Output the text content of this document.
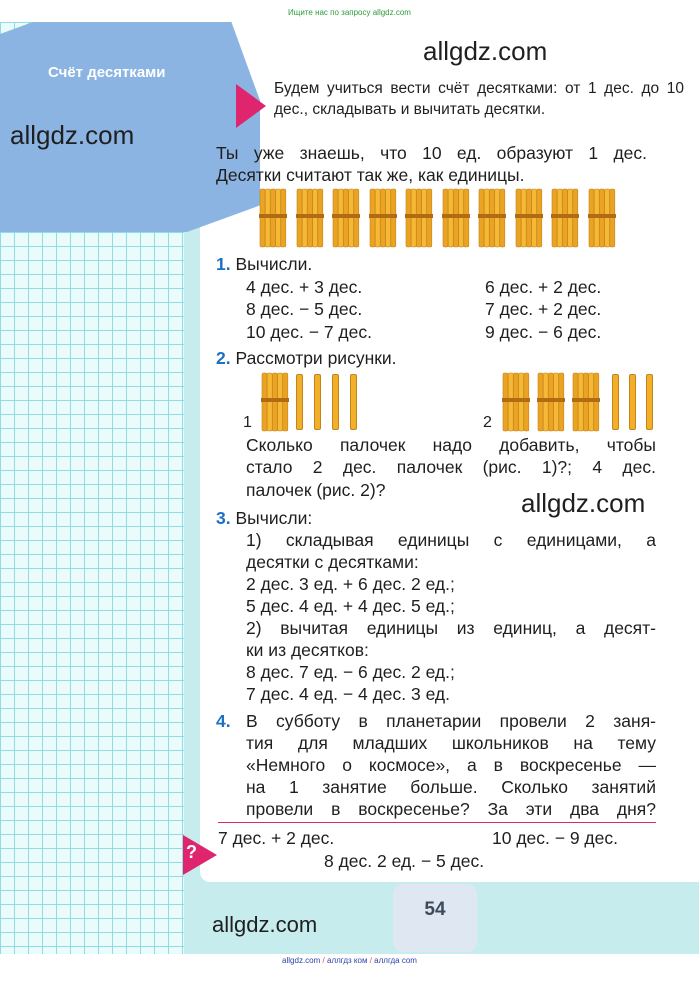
Ищите нас по запросу allgdz.com
Счёт десятками
allgdz.com
allgdz.com
allgdz.com
allgdz.com
Будем учиться вести счёт десятками: от 1 дес. до 10 дес., складывать и вычитать десятки.
Ты уже знаешь, что 10 ед. образуют 1 дес.
Десятки считают так же, как единицы.
1. Вычисли.
4 дес. + 3 дес.
8 дес. − 5 дес.
10 дес. − 7 дес.
6 дес. + 2 дес.
7 дес. + 2 дес.
9 дес. − 6 дес.
2. Рассмотри рисунки.
1	2
Сколько палочек надо добавить, чтобы
стало 2 дес. палочек (рис. 1)?; 4 дес.
палочек (рис. 2)?
3. Вычисли:
1) складывая единицы с единицами, а
десятки с десятками:
2 дес. 3 ед. + 6 дес. 2 ед.;
5 дес. 4 ед. + 4 дес. 5 ед.;
2) вычитая единицы из единиц, а десят-
ки из десятков:
8 дес. 7 ед. − 6 дес. 2 ед.;
7 дес. 4 ед. − 4 дес. 3 ед.
4. В субботу в планетарии провели 2 заня-
тия для младших школьников на тему
«Немного о космосе», а в воскресенье —
на 1 занятие больше. Сколько занятий
провели в воскресенье? За эти два дня?
?
7 дес. + 2 дес.	10 дес. − 9 дес.
8 дес. 2 ед. − 5 дес.
54
allgdz.com / аллгдз ком / аллгда com
